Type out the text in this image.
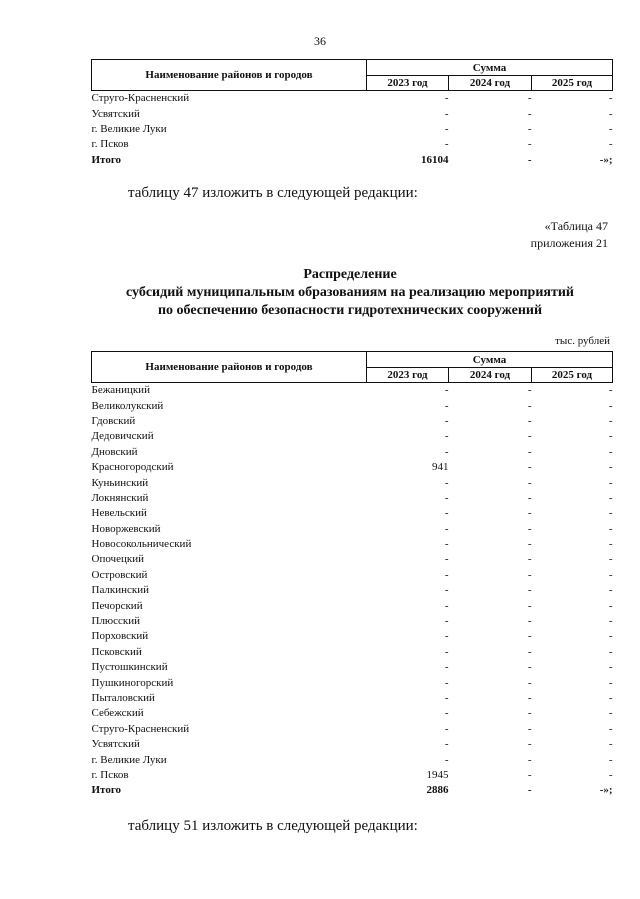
36
Наименование районов и городов	Сумма		
	2023 год	2024 год	2025 год
Струго-Красненский	-	-	-
Усвятский	-	-	-
г. Великие Луки	-	-	-
г. Псков	-	-	-
Итого	16104	-	-»;
таблицу 47 изложить в следующей редакции:
«Таблица 47
приложения 21
Распределение
субсидий муниципальным образованиям на реализацию мероприятий
по обеспечению безопасности гидротехнических сооружений
тыс. рублей
Наименование районов и городов	Сумма		
	2023 год	2024 год	2025 год
Бежаницкий	-	-	-
Великолукский	-	-	-
Гдовский	-	-	-
Дедовичский	-	-	-
Дновский	-	-	-
Красногородский	941	-	-
Куньинский	-	-	-
Локнянский	-	-	-
Невельский	-	-	-
Новоржевский	-	-	-
Новосокольнический	-	-	-
Опочецкий	-	-	-
Островский	-	-	-
Палкинский	-	-	-
Печорский	-	-	-
Плюсский	-	-	-
Порховский	-	-	-
Псковский	-	-	-
Пустошкинский	-	-	-
Пушкиногорский	-	-	-
Пыталовский	-	-	-
Себежский	-	-	-
Струго-Красненский	-	-	-
Усвятский	-	-	-
г. Великие Луки	-	-	-
г. Псков	1945	-	-
Итого	2886	-	-»;
таблицу 51 изложить в следующей редакции:
